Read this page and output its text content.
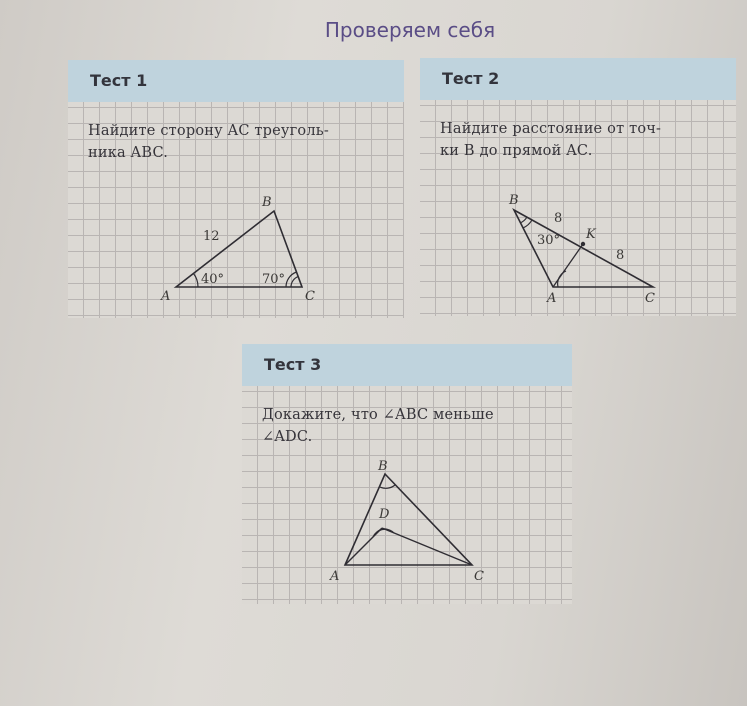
Проверяем себя
Тест 1
Найдите сторону AC треуголь-
ника ABC.
Тест 2
Найдите расстояние от точ-
ки B до прямой AC.
Тест 3
Докажите, что ∠ABC меньше
∠ADC.
A
B
C
12
40°	70°
B
A	C
K
8
8
30°
B
D
A	C
